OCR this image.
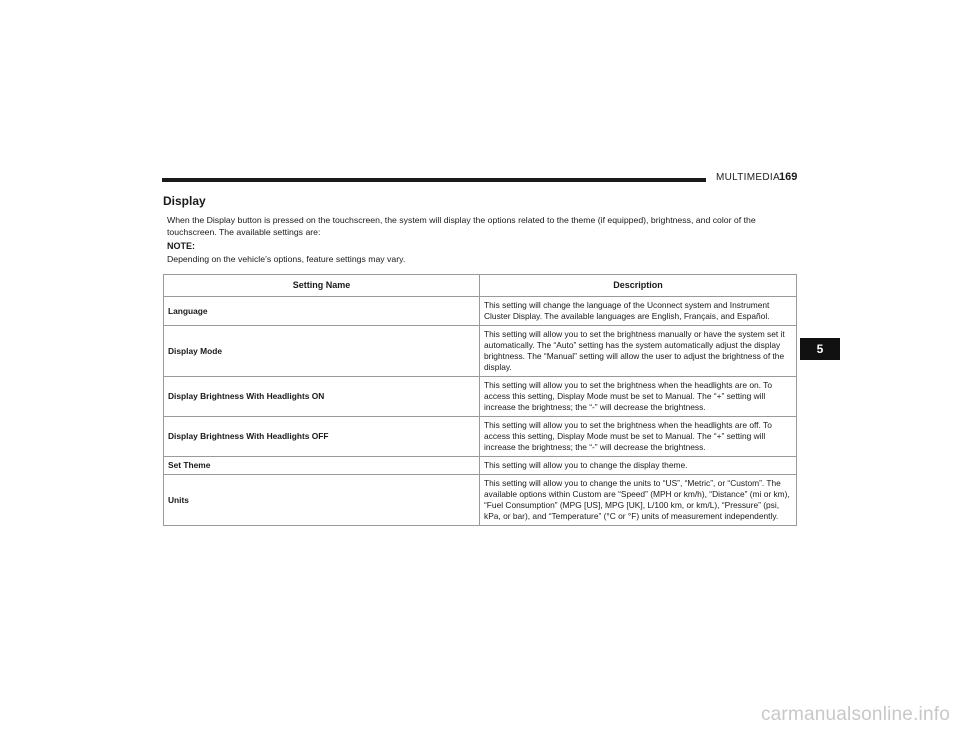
MULTIMEDIA 169
Display
When the Display button is pressed on the touchscreen, the system will display the options related to the theme (if equipped), brightness, and color of the touchscreen. The available settings are:
NOTE:
Depending on the vehicle’s options, feature settings may vary.
Setting Name	Description
Language	This setting will change the language of the Uconnect system and Instrument Cluster Display. The available languages are English, Français, and Español.
Display Mode	This setting will allow you to set the brightness manually or have the system set it automatically. The “Auto” setting has the system automatically adjust the display brightness. The “Manual” setting will allow the user to adjust the brightness of the display.
Display Brightness With Headlights ON	This setting will allow you to set the brightness when the headlights are on. To access this setting, Display Mode must be set to Manual. The “+” setting will increase the brightness; the “-” will decrease the brightness.
Display Brightness With Headlights OFF	This setting will allow you to set the brightness when the headlights are off. To access this setting, Display Mode must be set to Manual. The “+” setting will increase the brightness; the “-” will decrease the brightness.
Set Theme	This setting will allow you to change the display theme.
Units	This setting will allow you to change the units to “US”, “Metric”, or “Custom”. The available options within Custom are “Speed” (MPH or km/h), “Distance” (mi or km), “Fuel Consumption” (MPG [US], MPG [UK], L/100 km, or km/L), “Pressure” (psi, kPa, or bar), and “Temperature” (°C or °F) units of measurement independently.
5
carmanualsonline.info
